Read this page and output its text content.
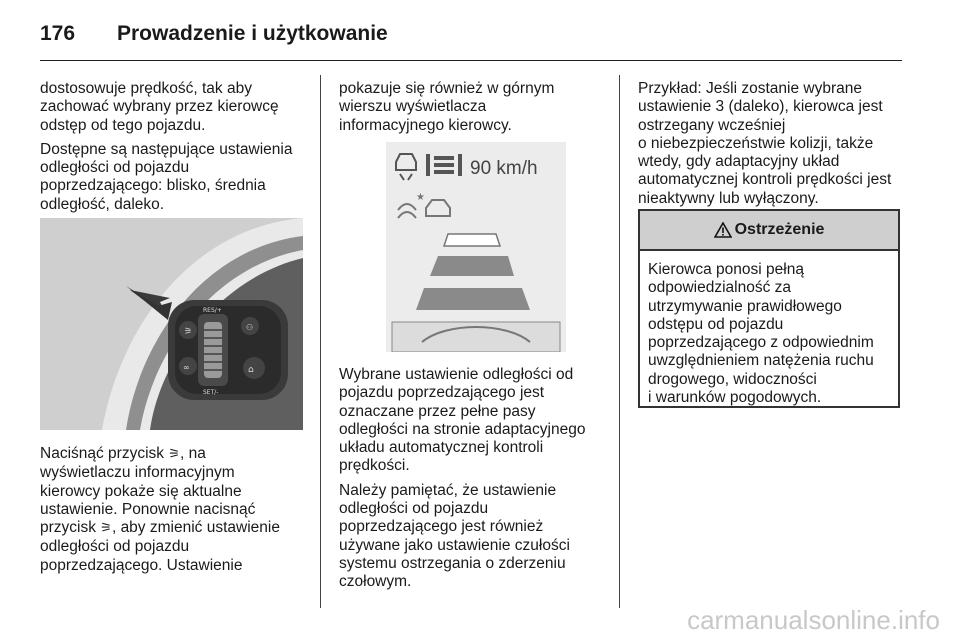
176 Prowadzenie i użytkowanie

dostosowuje prędkość, tak aby
zachować wybrany przez kierowcę
odstęp od tego pojazdu.

Dostępne są następujące ustawienia
odległości od pojazdu
poprzedzającego: blisko, średnia
odległość, daleko.

⚞
∞
⚇
⌂
RES/+
SET/-

Naciśnąć przycisk ⚞, na
wyświetlaczu informacyjnym
kierowcy pokaże się aktualne
ustawienie. Ponownie nacisnąć
przycisk ⚞, aby zmienić ustawienie
odległości od pojazdu
poprzedzającego. Ustawienie

pokazuje się również w górnym
wierszu wyświetlacza
informacyjnego kierowcy.

90 km/h
★

Wybrane ustawienie odległości od
pojazdu poprzedzającego jest
oznaczane przez pełne pasy
odległości na stronie adaptacyjnego
układu automatycznej kontroli
prędkości.

Należy pamiętać, że ustawienie
odległości od pojazdu
poprzedzającego jest również
używane jako ustawienie czułości
systemu ostrzegania o zderzeniu
czołowym.

Przykład: Jeśli zostanie wybrane
ustawienie 3 (daleko), kierowca jest
ostrzegany wcześniej
o niebezpieczeństwie kolizji, także
wtedy, gdy adaptacyjny układ
automatycznej kontroli prędkości jest
nieaktywny lub wyłączony.

Ostrzeżenie
Kierowca ponosi pełną
odpowiedzialność za
utrzymywanie prawidłowego
odstępu od pojazdu
poprzedzającego z odpowiednim
uwzględnieniem natężenia ruchu
drogowego, widoczności
i warunków pogodowych.
carmanualsonline.info
